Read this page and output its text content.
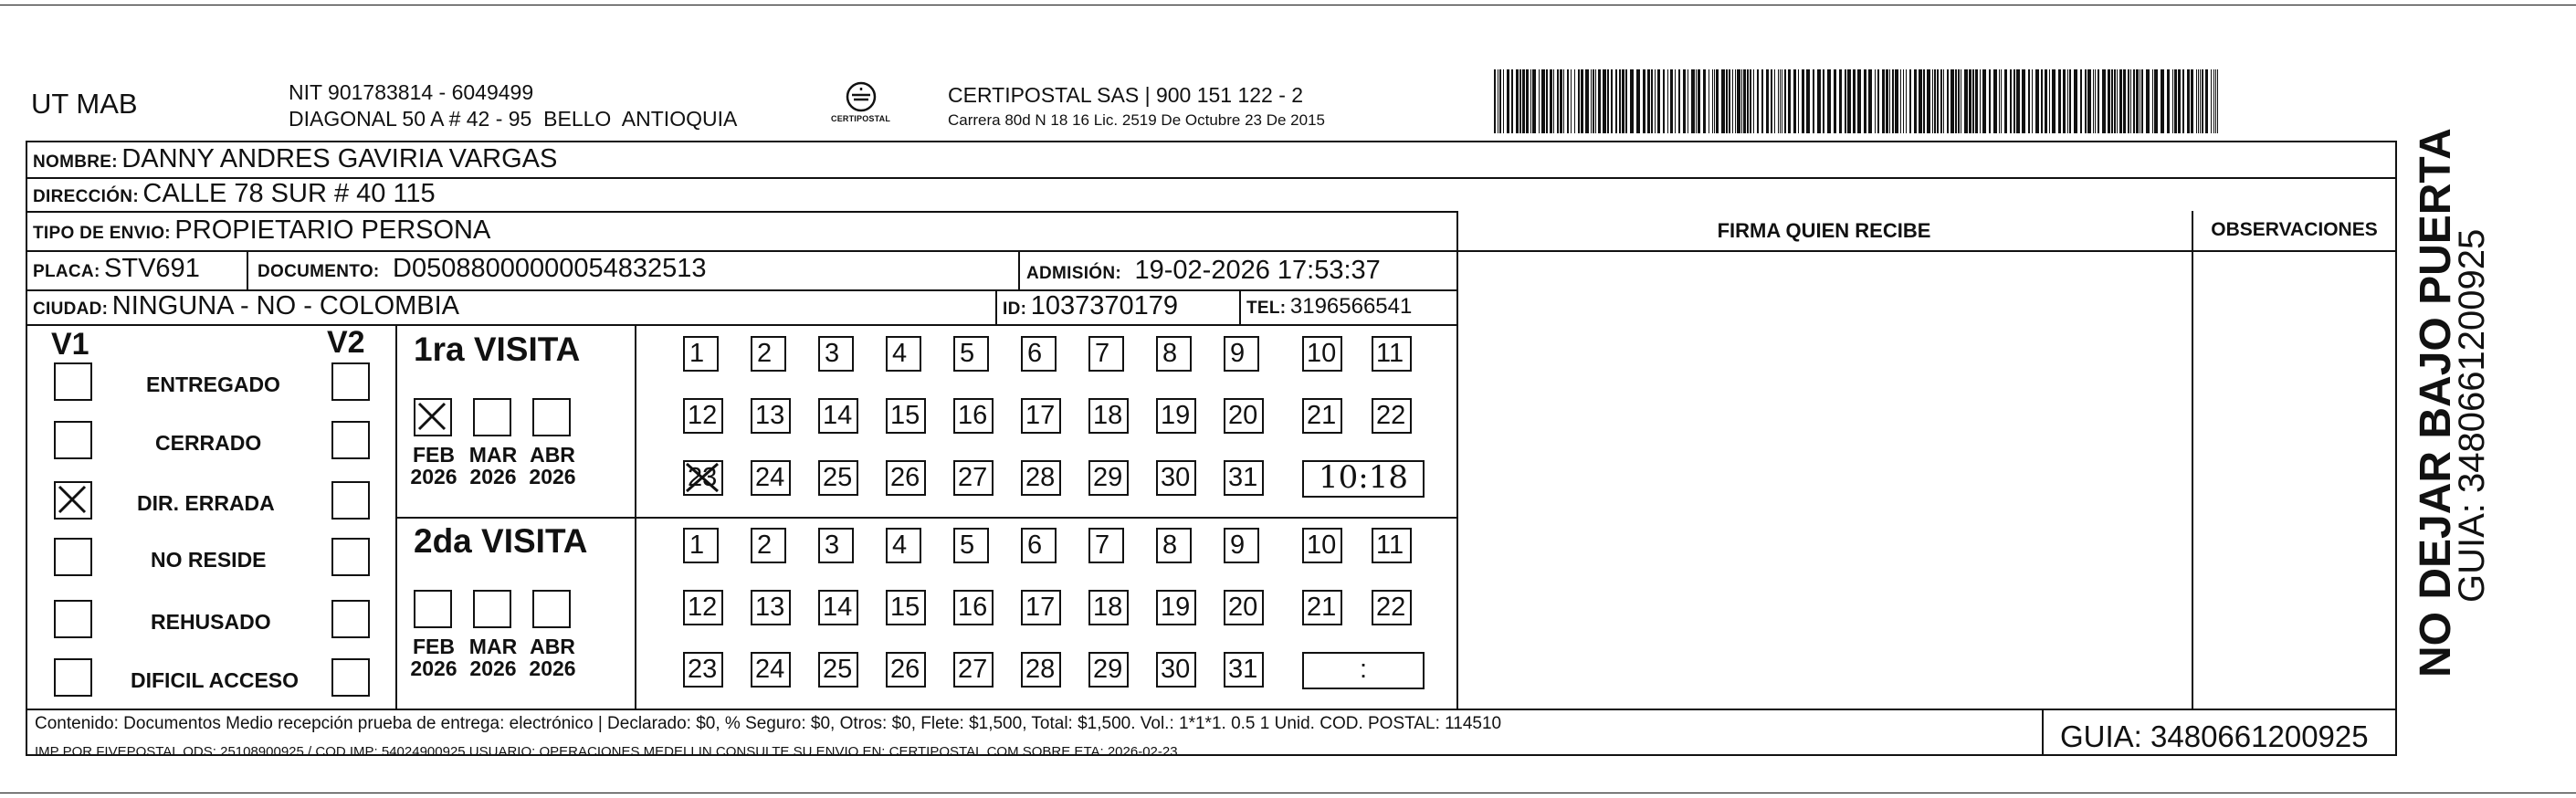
UT MAB	NIT 901783814 - 6049499
DIAGONAL 50 A # 42 - 95  BELLO  ANTIOQUIA	CERTIPOSTAL
CERTIPOSTAL SAS | 900 151 122 - 2
Carrera 80d N 18 16 Lic. 2519 De Octubre 23 De 2015
NOMBRE: DANNY ANDRES GAVIRIA VARGAS
DIRECCIÓN: CALLE 78 SUR # 40 115
TIPO DE ENVIO: PROPIETARIO PERSONA	FIRMA QUIEN RECIBE	OBSERVACIONES
PLACA: STV691	DOCUMENTO: D05088000000054832513	ADMISIÓN: 19-02-2026 17:53:37
CIUDAD: NINGUNA - NO - COLOMBIA	ID: 1037370179	TEL: 3196566541
V1	V2
ENTREGADO
CERRADO
DIR. ERRADA
NO RESIDE
REHUSADO
DIFICIL ACCESO
1ra VISITA
FEB
2026
MAR
2026
ABR
2026
1	2	3	4	5	6	7	8	9	10 11
12 13 14 15 16 17 18 19 20 21 22
23 24 25 26 27 28 29 30 31	10:18
2da VISITA
FEB
2026
MAR
2026
ABR
2026
1	2	3	4	5	6	7	8	9	10 11
12 13 14 15 16 17 18 19 20 21 22
23 24 25 26 27 28 29 30 31	:
Contenido: Documentos Medio recepción prueba de entrega: electrónico | Declarado: $0, % Seguro: $0, Otros: $0, Flete: $1,500, Total: $1,500. Vol.: 1*1*1. 0.5 1 Unid. COD. POSTAL: 114510
IMP POR FIVEPOSTAL ODS: 25108900925 / COD.IMP: 54024900925 USUARIO: OPERACIONES MEDELLIN CONSULTE SU ENVIO EN: CERTIPOSTAL.COM SOBRE ETA: 2026-02-23	GUIA: 3480661200925
NO DEJAR BAJO PUERTA
GUIA: 3480661200925
